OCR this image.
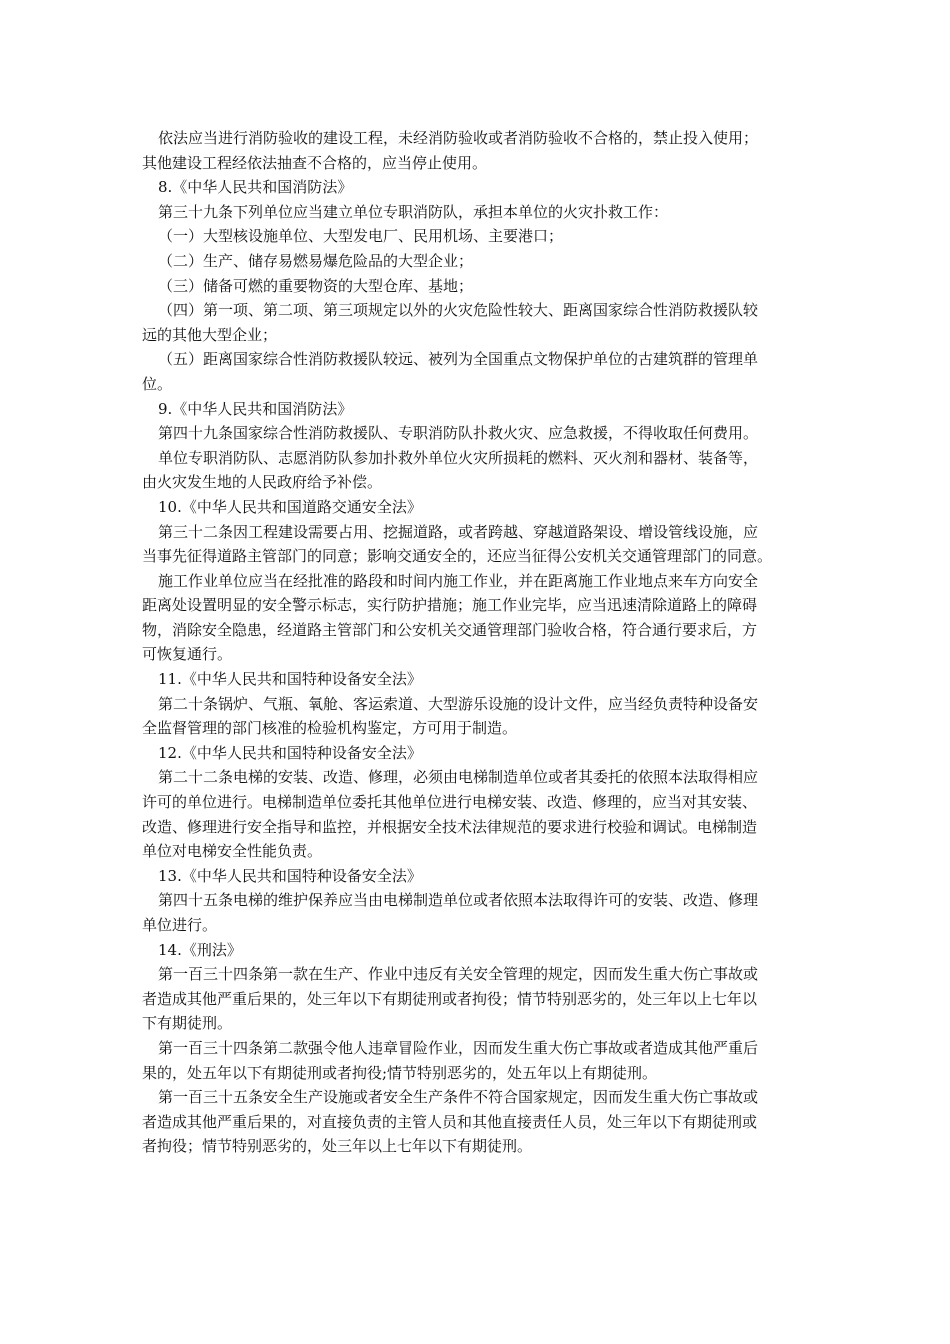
依法应当进行消防验收的建设工程，未经消防验收或者消防验收不合格的，禁止投入使用；
其他建设工程经依法抽查不合格的，应当停止使用。
8.《中华人民共和国消防法》
第三十九条下列单位应当建立单位专职消防队，承担本单位的火灾扑救工作：
（一）大型核设施单位、大型发电厂、民用机场、主要港口；
（二）生产、储存易燃易爆危险品的大型企业；
（三）储备可燃的重要物资的大型仓库、基地；
（四）第一项、第二项、第三项规定以外的火灾危险性较大、距离国家综合性消防救援队较
远的其他大型企业；
（五）距离国家综合性消防救援队较远、被列为全国重点文物保护单位的古建筑群的管理单
位。
9.《中华人民共和国消防法》
第四十九条国家综合性消防救援队、专职消防队扑救火灾、应急救援，不得收取任何费用。
单位专职消防队、志愿消防队参加扑救外单位火灾所损耗的燃料、灭火剂和器材、装备等，
由火灾发生地的人民政府给予补偿。
10.《中华人民共和国道路交通安全法》
第三十二条因工程建设需要占用、挖掘道路，或者跨越、穿越道路架设、增设管线设施，应
当事先征得道路主管部门的同意；影响交通安全的，还应当征得公安机关交通管理部门的同意。
施工作业单位应当在经批准的路段和时间内施工作业，并在距离施工作业地点来车方向安全
距离处设置明显的安全警示标志，实行防护措施；施工作业完毕，应当迅速清除道路上的障碍
物，消除安全隐患，经道路主管部门和公安机关交通管理部门验收合格，符合通行要求后，方
可恢复通行。
11.《中华人民共和国特种设备安全法》
第二十条锅炉、气瓶、氧舱、客运索道、大型游乐设施的设计文件，应当经负责特种设备安
全监督管理的部门核准的检验机构鉴定，方可用于制造。
12.《中华人民共和国特种设备安全法》
第二十二条电梯的安装、改造、修理，必须由电梯制造单位或者其委托的依照本法取得相应
许可的单位进行。电梯制造单位委托其他单位进行电梯安装、改造、修理的，应当对其安装、
改造、修理进行安全指导和监控，并根据安全技术法律规范的要求进行校验和调试。电梯制造
单位对电梯安全性能负责。
13.《中华人民共和国特种设备安全法》
第四十五条电梯的维护保养应当由电梯制造单位或者依照本法取得许可的安装、改造、修理
单位进行。
14.《刑法》
第一百三十四条第一款在生产、作业中违反有关安全管理的规定，因而发生重大伤亡事故或
者造成其他严重后果的，处三年以下有期徒刑或者拘役；情节特别恶劣的，处三年以上七年以
下有期徒刑。
第一百三十四条第二款强令他人违章冒险作业，因而发生重大伤亡事故或者造成其他严重后
果的，处五年以下有期徒刑或者拘役;情节特别恶劣的，处五年以上有期徒刑。
第一百三十五条安全生产设施或者安全生产条件不符合国家规定，因而发生重大伤亡事故或
者造成其他严重后果的，对直接负责的主管人员和其他直接责任人员，处三年以下有期徒刑或
者拘役；情节特别恶劣的，处三年以上七年以下有期徒刑。
